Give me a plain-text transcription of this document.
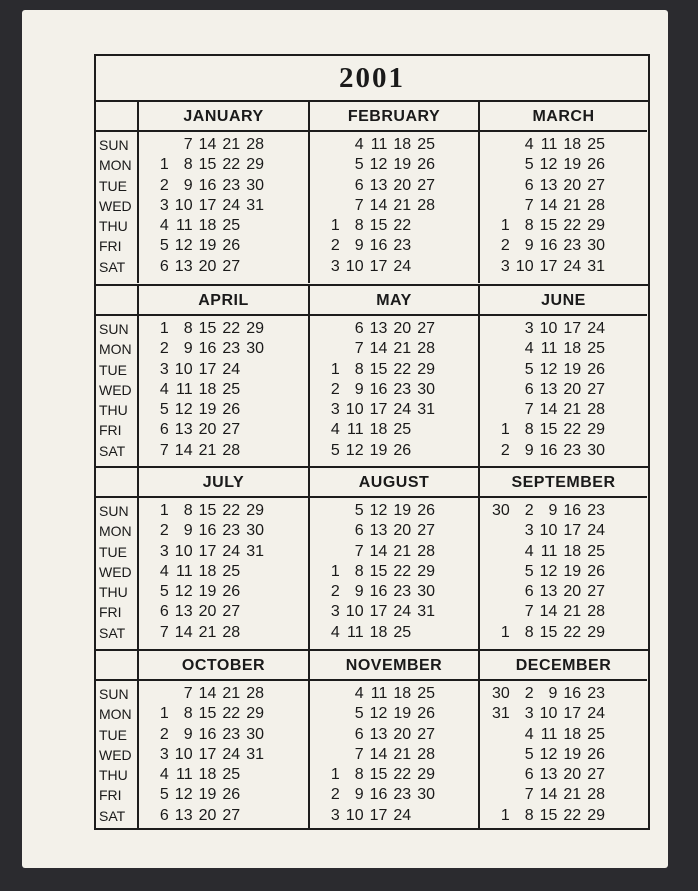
2001
SUN
MON
TUE
WED
THU
FRI
SAT
JANUARY
7 14 21 28
1 8 15 22 29
2 9 16 23 30
3 10 17 24 31
4 11 18 25
5 12 19 26
6 13 20 27
FEBRUARY
4 11 18 25
5 12 19 26
6 13 20 27
7 14 21 28
1 8 15 22
2 9 16 23
3 10 17 24
MARCH
4 11 18 25
5 12 19 26
6 13 20 27
7 14 21 28
1 8 15 22 29
2 9 16 23 30
3 10 17 24 31
SUN
MON
TUE
WED
THU
FRI
SAT
APRIL
1 8 15 22 29
2 9 16 23 30
3 10 17 24
4 11 18 25
5 12 19 26
6 13 20 27
7 14 21 28
MAY
6 13 20 27
7 14 21 28
1 8 15 22 29
2 9 16 23 30
3 10 17 24 31
4 11 18 25
5 12 19 26
JUNE
3 10 17 24
4 11 18 25
5 12 19 26
6 13 20 27
7 14 21 28
1 8 15 22 29
2 9 16 23 30
SUN
MON
TUE
WED
THU
FRI
SAT
JULY
1 8 15 22 29
2 9 16 23 30
3 10 17 24 31
4 11 18 25
5 12 19 26
6 13 20 27
7 14 21 28
AUGUST
5 12 19 26
6 13 20 27
7 14 21 28
1 8 15 22 29
2 9 16 23 30
3 10 17 24 31
4 11 18 25
SEPTEMBER
30 2 9 16 23
3 10 17 24
4 11 18 25
5 12 19 26
6 13 20 27
7 14 21 28
1 8 15 22 29
SUN
MON
TUE
WED
THU
FRI
SAT
OCTOBER
7 14 21 28
1 8 15 22 29
2 9 16 23 30
3 10 17 24 31
4 11 18 25
5 12 19 26
6 13 20 27
NOVEMBER
4 11 18 25
5 12 19 26
6 13 20 27
7 14 21 28
1 8 15 22 29
2 9 16 23 30
3 10 17 24
DECEMBER
30 2 9 16 23
31 3 10 17 24
4 11 18 25
5 12 19 26
6 13 20 27
7 14 21 28
1 8 15 22 29
